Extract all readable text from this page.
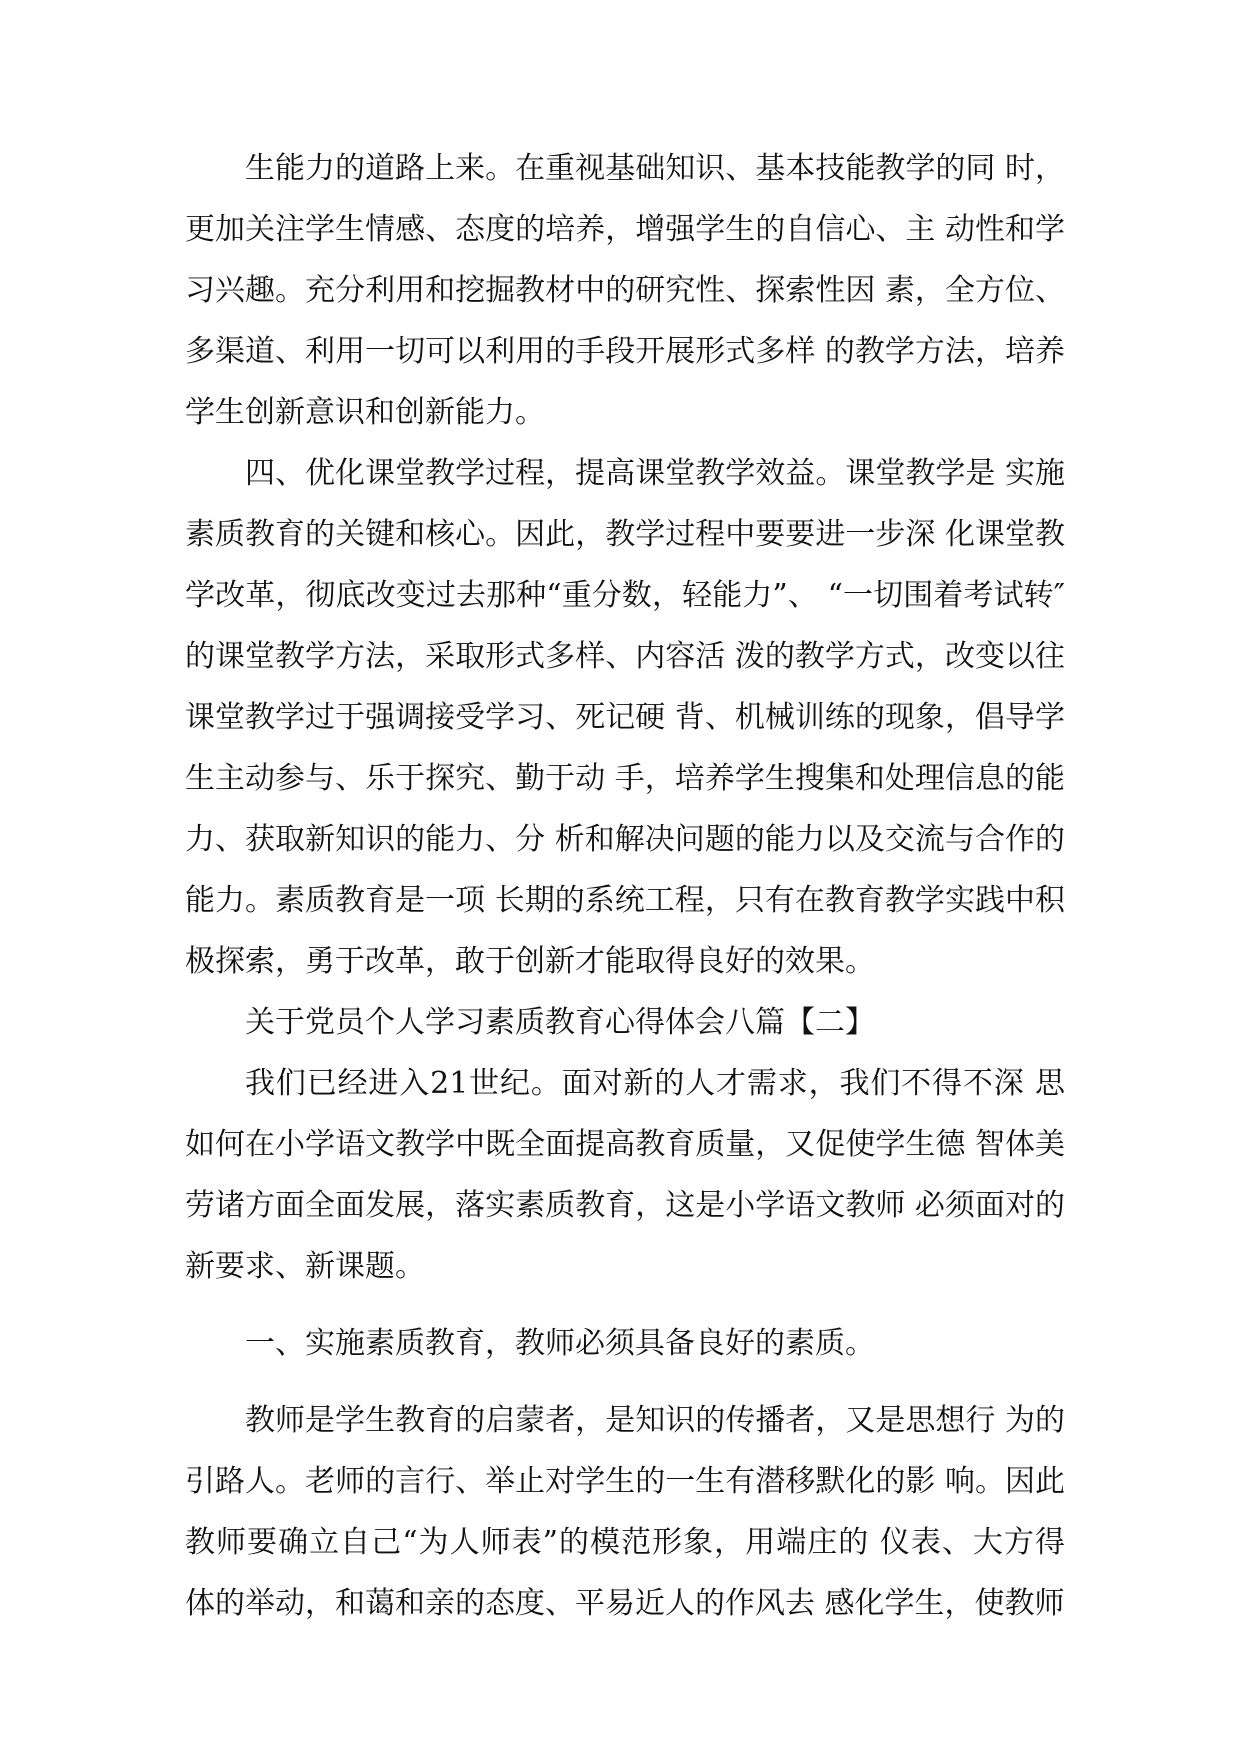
生能力的道路上来。在重视基础知识、基本技能教学的同 时，更加关注学生情感、态度的培养，增强学生的自信心、主 动性和学习兴趣。充分利用和挖掘教材中的研究性、探索性因 素，全方位、多渠道、利用一切可以利用的手段开展形式多样 的教学方法，培养学生创新意识和创新能力。

四、优化课堂教学过程，提高课堂教学效益。课堂教学是 实施素质教育的关键和核心。因此，教学过程中要要进一步深 化课堂教学改革，彻底改变过去那种“重分数，轻能力”、 “一切围着考试转″的课堂教学方法，采取形式多样、内容活 泼的教学方式，改变以往课堂教学过于强调接受学习、死记硬 背、机械训练的现象，倡导学生主动参与、乐于探究、勤于动 手，培养学生搜集和处理信息的能力、获取新知识的能力、分 析和解决问题的能力以及交流与合作的能力。素质教育是一项 长期的系统工程，只有在教育教学实践中积极探索，勇于改革，敢于创新才能取得良好的效果。

关于党员个人学习素质教育心得体会八篇【二】

我们已经进入21世纪。面对新的人才需求，我们不得不深 思如何在小学语文教学中既全面提高教育质量，又促使学生德 智体美劳诸方面全面发展，落实素质教育，这是小学语文教师 必须面对的新要求、新课题。

一、实施素质教育，教师必须具备良好的素质。

教师是学生教育的启蒙者，是知识的传播者，又是思想行 为的引路人。老师的言行、举止对学生的一生有潜移默化的影 响。因此教师要确立自己“为人师表”的模范形象，用端庄的 仪表、大方得体的举动，和蔼和亲的态度、平易近人的作风去 感化学生，使教师
